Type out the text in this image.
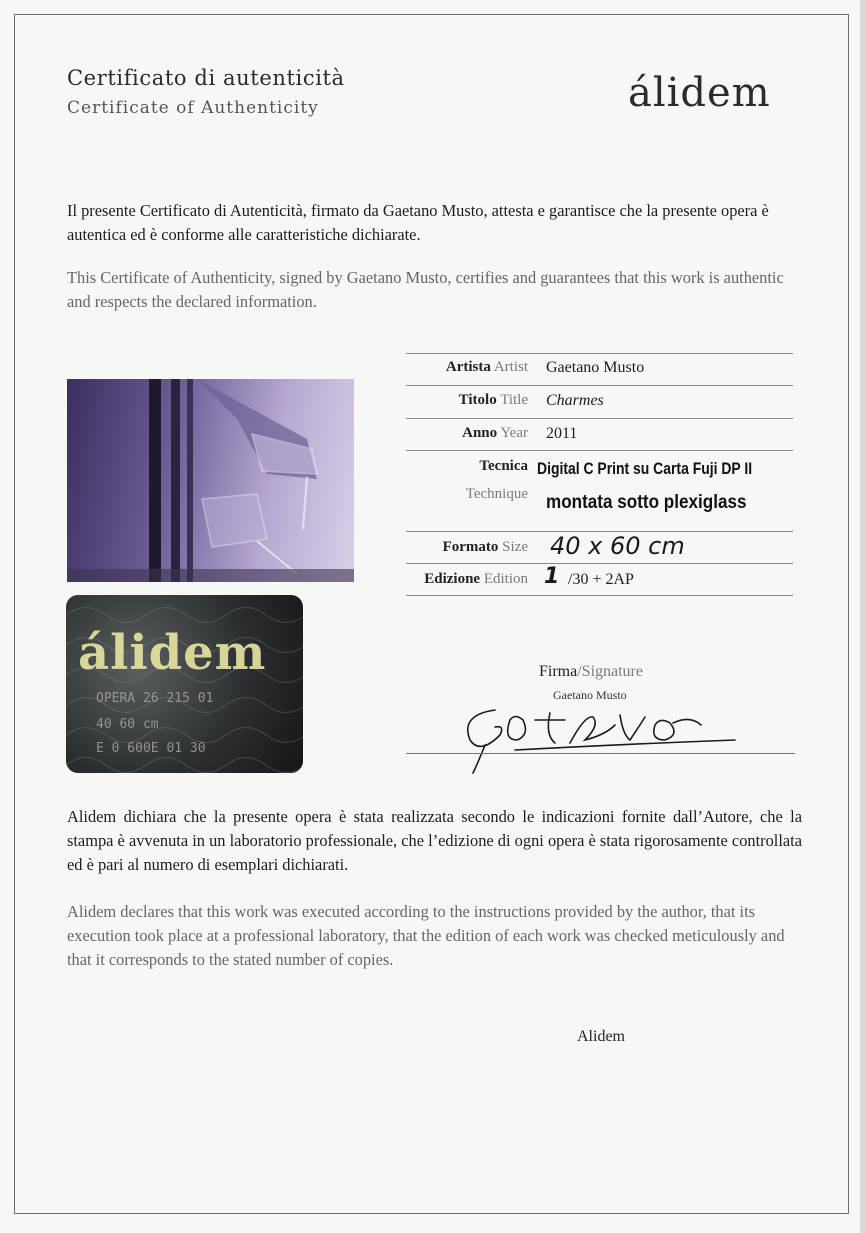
Certificato di autenticità
Certificate of Authenticity	álidem
Il presente Certificato di Autenticità, firmato da Gaetano Musto, attesta e garantisce che la presente opera è autentica ed è conforme alle caratteristiche dichiarate.
This Certificate of Authenticity, signed by Gaetano Musto, certifies and guarantees that this work is authentic and respects the declared information.
álidem
OPERA 26 215 01
40 60 cm
E 0 600E 01 30
Artista Artist Gaetano Musto
Titolo Title Charmes
Anno Year 2011
Tecnica
Technique
Digital C Print su Carta Fuji DP II
montata sotto plexiglass
Formato Size 40 x 60 cm
Edizione Edition 1 /30 + 2AP
Firma/Signature
Gaetano Musto
Alidem dichiara che la presente opera è stata realizzata secondo le indicazioni fornite dall’Autore, che la stampa è avvenuta in un laboratorio professionale, che l’edizione di ogni opera è stata rigorosamente controllata ed è pari al numero di esemplari dichiarati.
Alidem declares that this work was executed according to the instructions provided by the author, that its execution took place at a professional laboratory, that the edition of each work was checked meticulously and that it corresponds to the stated number of copies.
Alidem
